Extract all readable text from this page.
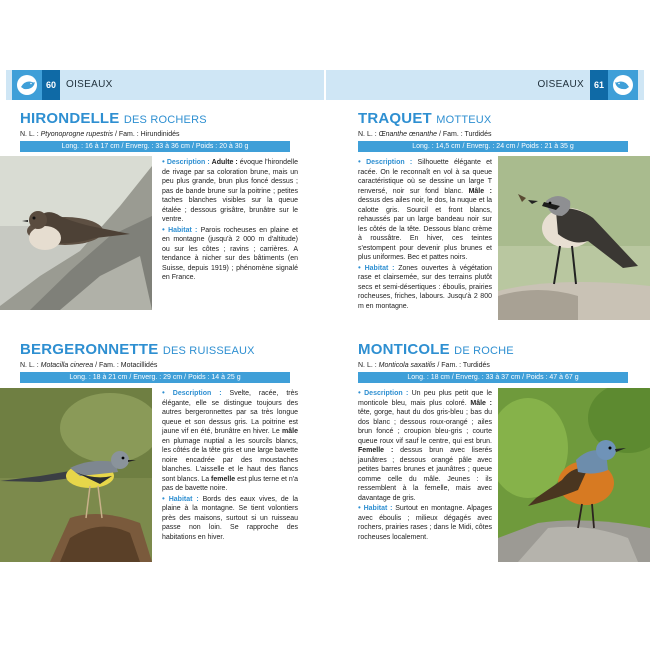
60	OISEAUX	OISEAUX	61
HIRONDELLE DES ROCHERS
N. L. : Ptyonoprogne rupestris / Fam. : Hirundinidés
Long. : 16 à 17 cm / Enverg. : 33 à 36 cm / Poids : 20 à 30 g
• Description : Adulte : évoque l'hirondelle de rivage par sa coloration brune, mais un peu plus grande, brun plus foncé dessus ; pas de bande brune sur la poitrine ; petites taches blanches visibles sur la queue étalée ; dessous grisâtre, brunâtre sur le ventre.
• Habitat : Parois rocheuses en plaine et en montagne (jusqu'à 2 000 m d'altitude) ou sur les côtes ; ravins ; carrières. A tendance à nicher sur des bâtiments (en Suisse, depuis 1919) ; phénomène signalé en France.
TRAQUET MOTTEUX
N. L. : Œnanthe œnanthe / Fam. : Turdidés
Long. : 14,5 cm / Enverg. : 24 cm / Poids : 21 à 35 g
• Description : Silhouette élégante et racée. On le reconnaît en vol à sa queue caractéristique où se dessine un large T renversé, noir sur fond blanc. Mâle : dessus des ailes noir, le dos, la nuque et la calotte gris. Sourcil et front blancs, rehaussés par un large bandeau noir sur les côtés de la tête. Dessous blanc crème à roussâtre. En hiver, ces teintes s'estompent pour devenir plus brunes et plus uniformes. Bec et pattes noirs.
• Habitat : Zones ouvertes à végétation rase et clairsemée, sur des terrains plutôt secs et semi-désertiques : éboulis, prairies rocheuses, friches, labours. Jusqu'à 2 800 m en montagne.
BERGERONNETTE DES RUISSEAUX
N. L. : Motacilla cinerea / Fam. : Motacillidés
Long. : 18 à 21 cm / Enverg. : 29 cm / Poids : 14 à 25 g
• Description : Svelte, racée, très élégante, elle se distingue toujours des autres bergeronnettes par sa très longue queue et son dessus gris. La poitrine est jaune vif en été, brunâtre en hiver. Le mâle en plumage nuptial a les sourcils blancs, les côtés de la tête gris et une large bavette noire encadrée par des moustaches blanches. L'aisselle et le haut des flancs sont blancs. La femelle est plus terne et n'a pas de bavette noire.
• Habitat : Bords des eaux vives, de la plaine à la montagne. Se tient volontiers près des maisons, surtout si un ruisseau passe non loin. Se rapproche des habitations en hiver.
MONTICOLE DE ROCHE
N. L. : Monticola saxatilis / Fam. : Turdidés
Long. : 18 cm / Enverg. : 33 à 37 cm / Poids : 47 à 67 g
• Description : Un peu plus petit que le monticole bleu, mais plus coloré. Mâle : tête, gorge, haut du dos gris-bleu ; bas du dos blanc ; dessous roux-orangé ; ailes brun foncé ; croupion bleu-gris ; courte queue roux vif sauf le centre, qui est brun. Femelle : dessus brun avec liserés jaunâtres ; dessous orangé pâle avec petites barres brunes et jaunâtres ; queue comme celle du mâle. Jeunes : ils ressemblent à la femelle, mais avec davantage de gris.
• Habitat : Surtout en montagne. Alpages avec éboulis ; milieux dégagés avec rochers, prairies rases ; dans le Midi, côtes rocheuses localement.
